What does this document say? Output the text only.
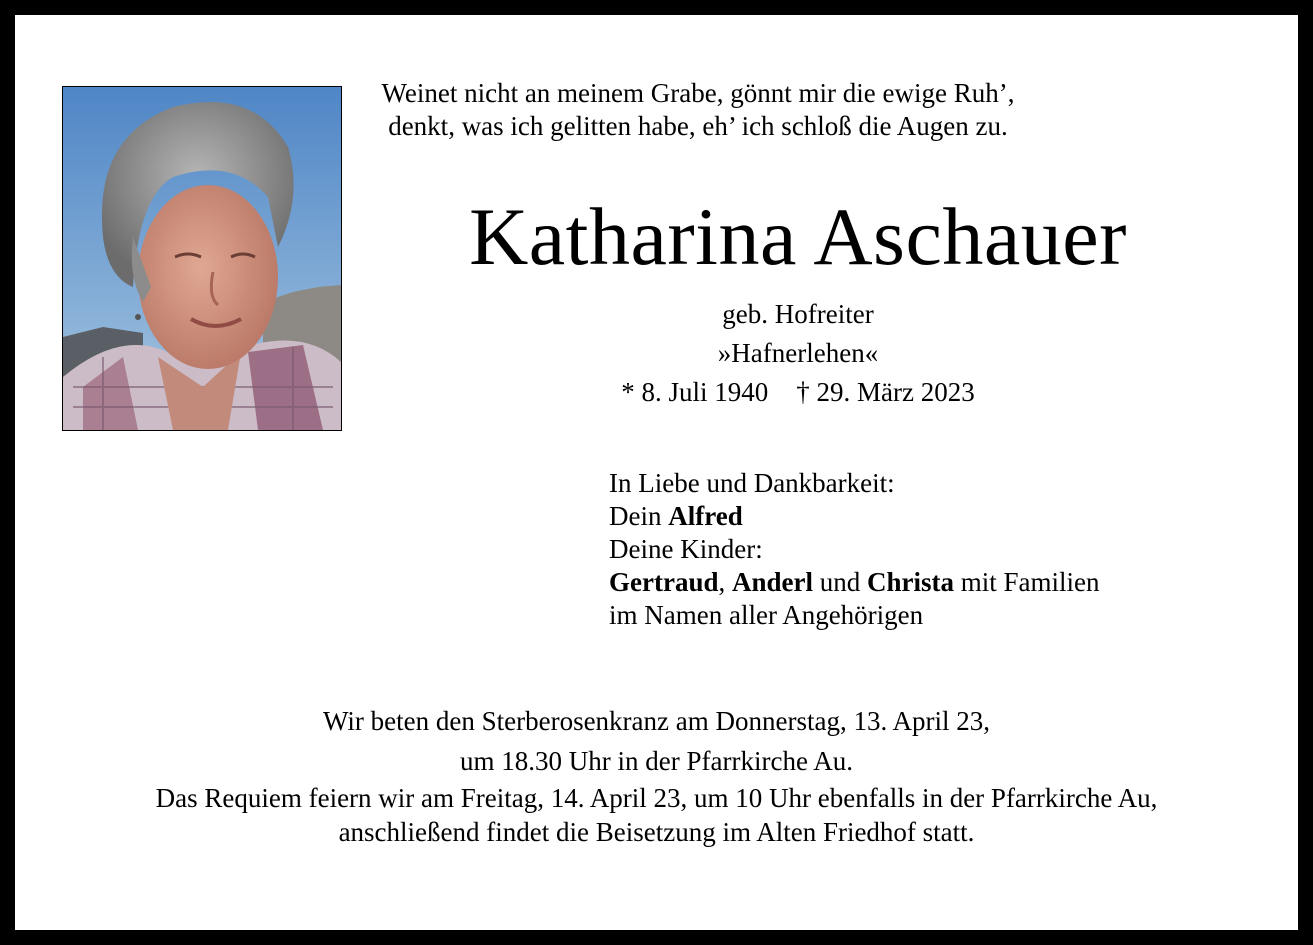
Weinet nicht an meinem Grabe, gönnt mir die ewige Ruh’,
denkt, was ich gelitten habe, eh’ ich schloß die Augen zu.
Katharina Aschauer
geb. Hofreiter
»Hafnerlehen«
* 8. Juli 1940 † 29. März 2023
In Liebe und Dankbarkeit:
Dein Alfred
Deine Kinder:
Gertraud, Anderl und Christa mit Familien
im Namen aller Angehörigen
Wir beten den Sterberosenkranz am Donnerstag, 13. April 23,
um 18.30 Uhr in der Pfarrkirche Au.
Das Requiem feiern wir am Freitag, 14. April 23, um 10 Uhr ebenfalls in der Pfarrkirche Au,
anschließend findet die Beisetzung im Alten Friedhof statt.
